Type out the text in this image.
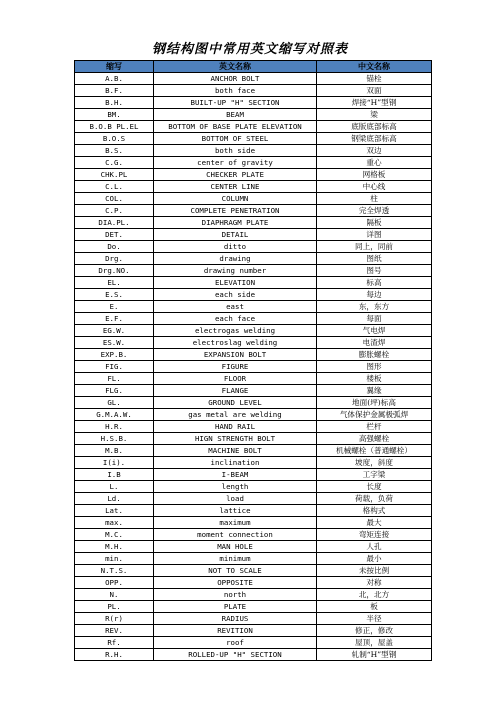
钢结构图中常用英文缩写对照表
缩写	英文名称	中文名称
A.B.	ANCHOR BOLT	锚栓
B.F.	both face	双面
B.H.	BUILT-UP "H" SECTION	焊接“H”型钢
BM.	BEAM	梁
B.O.B PL.EL	BOTTOM OF BASE PLATE ELEVATION	底版底部标高
B.O.S	BOTTOM OF STEEL	钢梁底部标高
B.S.	both side	双边
C.G.	center of gravity	重心
CHK.PL	CHECKER PLATE	网格板
C.L.	CENTER LINE	中心线
COL.	COLUMN	柱
C.P.	COMPLETE PENETRATION	完全焊透
DIA.PL.	DIAPHRAGM PLATE	隔板
DET.	DETAIL	详图
Do.	ditto	同上，同前
Drg.	drawing	图纸
Drg.NO.	drawing number	图号
EL.	ELEVATION	标高
E.S.	each side	每边
E.	east	东，东方
E.F.	each face	每面
EG.W.	electrogas welding	气电焊
ES.W.	electroslag welding	电渣焊
EXP.B.	EXPANSION BOLT	膨胀螺栓
FIG.	FIGURE	图形
FL.	FLOOR	楼板
FLG.	FLANGE	翼缘
GL.	GROUND LEVEL	地面(坪)标高
G.M.A.W.	gas metal are welding	气体保护金属极弧焊
H.R.	HAND RAIL	栏杆
H.S.B.	HIGN STRENGTH BOLT	高强螺栓
M.B.	MACHINE BOLT	机械螺栓（普通螺栓）
I(i).	inclination	坡度，斜度
I.B	I-BEAM	工字梁
L.	length	长度
Ld.	load	荷载，负荷
Lat.	lattice	格构式
max.	maximum	最大
M.C.	moment connection	弯矩连接
M.H.	MAN HOLE	人孔
min.	minimum	最小
N.T.S.	NOT TO SCALE	未按比例
OPP.	OPPOSITE	对称
N.	north	北，北方
PL.	PLATE	板
R(r)	RADIUS	半径
REV.	REVITION	修正，修改
Rf.	roof	屋顶，屋盖
R.H.	ROLLED-UP "H" SECTION	轧制“H”型钢
